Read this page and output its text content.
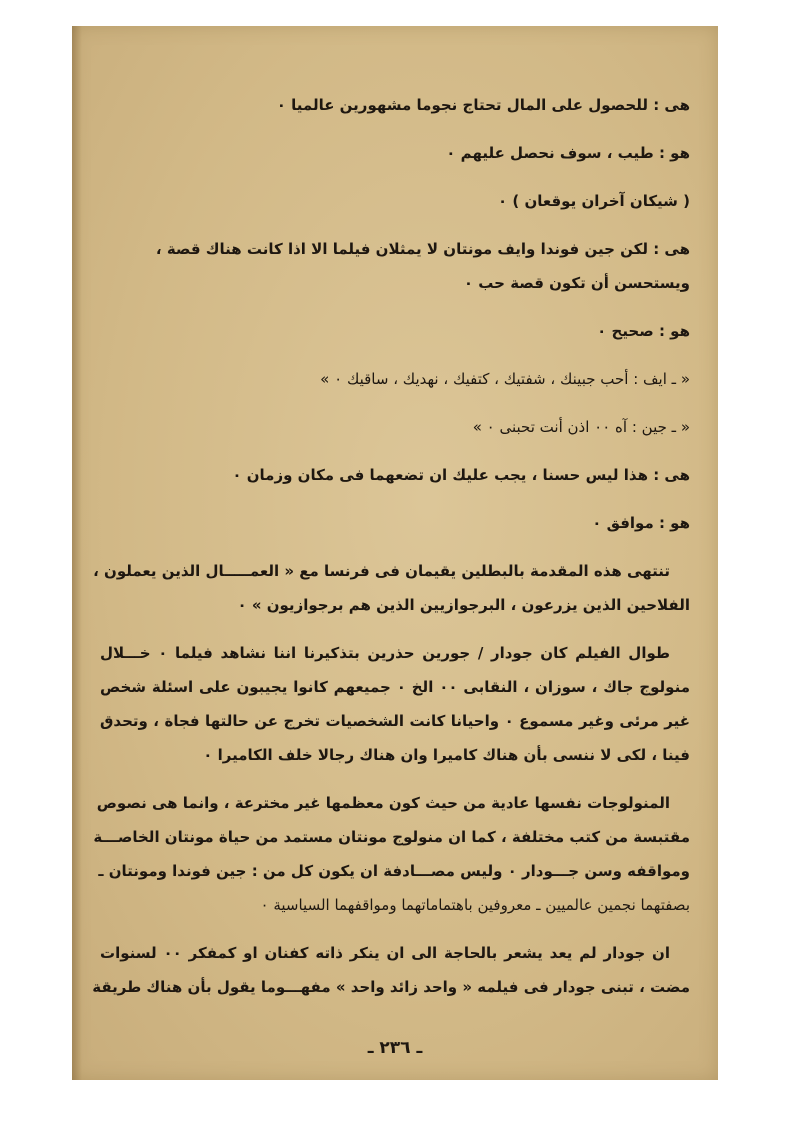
هى : للحصول على المال تحتاج نجوما مشهورين عالميا ٠
هو : طيب ، سوف نحصل عليهم ٠
( شيكان آخران يوقعان ) ٠
هى : لكن جين فوندا وايف مونتان لا يمثلان فيلما الا اذا كانت هناك قصة ،
ويستحسن أن تكون قصة حب ٠
هو : صحيح ٠
« ـ ايف : أحب جبينك ، شفتيك ، كتفيك ، نهديك ، ساقيك ٠ »
« ـ جين : آه ٠٠ اذن أنت تحبنى ٠ »
هى : هذا ليس حسنا ، يجب عليك ان تضعهما فى مكان وزمان ٠
هو : موافق ٠
تنتهى هذه المقدمة بالبطلين يقيمان فى فرنسا مع « العمـــــال الذين يعملون ،
الفلاحين الذين يزرعون ، البرجوازيين الذين هم برجوازيون » ٠
طوال الفيلم كان جودار / جورين حذرين بتذكيرنا اننا نشاهد فيلما ٠ خـــلال
منولوج جاك ، سوزان ، النقابى ٠٠ الخ ٠ جميعهم كانوا يجيبون على اسئلة شخص
غير مرئى وغير مسموع ٠ واحيانا كانت الشخصيات تخرج عن حالتها فجاة ، وتحدق
فينا ، لكى لا ننسى بأن هناك كاميرا وان هناك رجالا خلف الكاميرا ٠
المنولوجات نفسها عادية من حيث كون معظمها غير مخترعة ، وانما هى نصوص
مقتبسة من كتب مختلفة ، كما ان منولوج مونتان مستمد من حياة مونتان الخاصـــة
ومواقفه وسن جـــودار ٠ وليس مصـــادفة ان يكون كل من : جين فوندا ومونتان ـ
بصفتهما نجمين عالميين ـ معروفين باهتماماتهما ومواقفهما السياسية ٠
ان جودار لم يعد يشعر بالحاجة الى ان ينكر ذاته كفنان او كمفكر ٠٠ لسنوات
مضت ، تبنى جودار فى فيلمه « واحد زائد واحد » مفهـــوما يقول بأن هناك طريقة
ـ ٢٣٦ ـ
